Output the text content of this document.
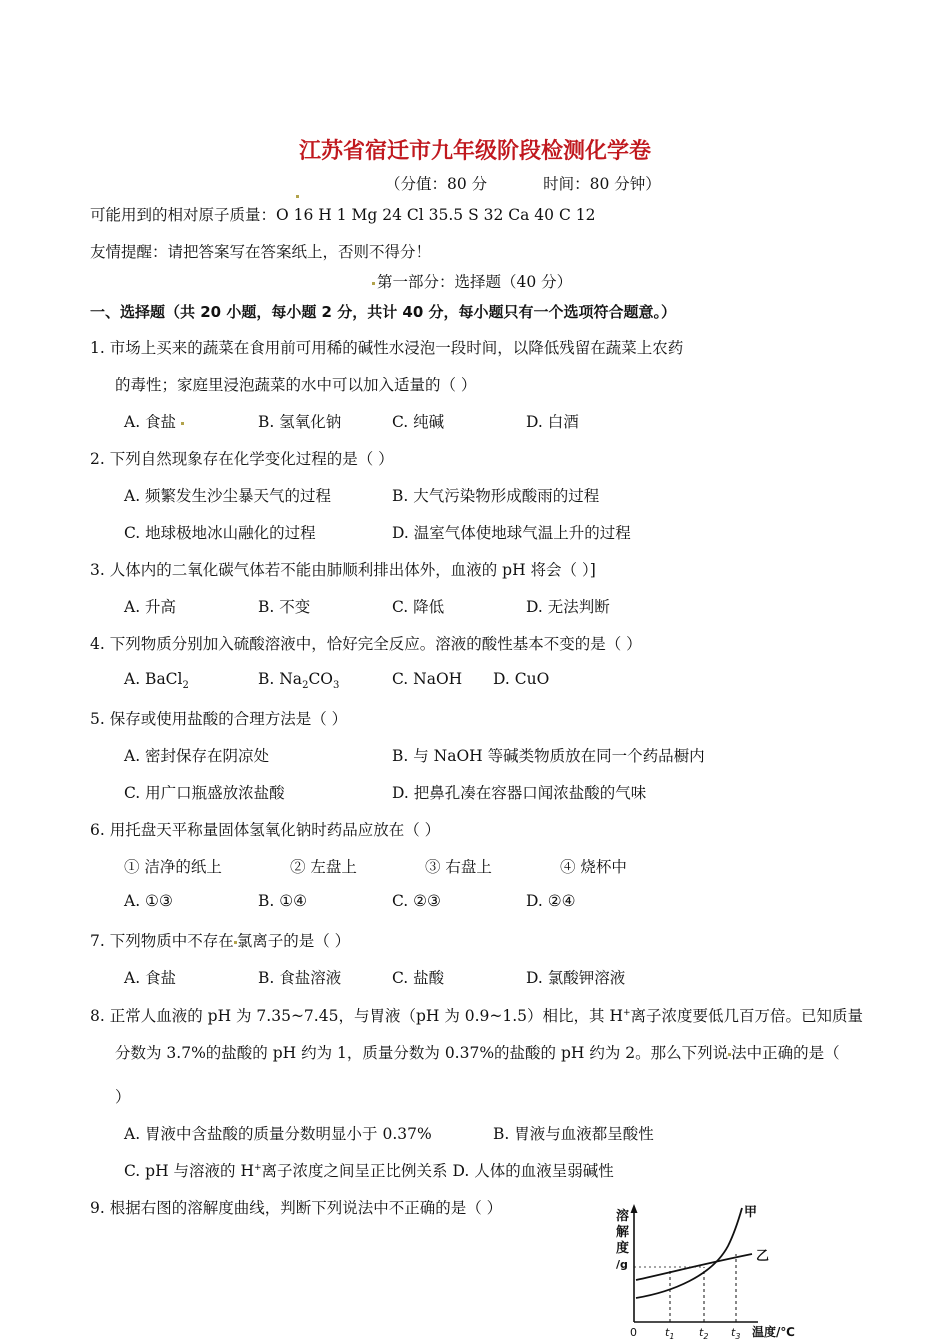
江苏省宿迁市九年级阶段检测化学卷
（分值：80 分	时间：80 分钟）
可能用到的相对原子质量：O 16 H 1 Mg 24 Cl 35.5 S 32 Ca 40 C 12
友情提醒：请把答案写在答案纸上，否则不得分！
第一部分：选择题（40 分）
一、选择题（共 20 小题，每小题 2 分，共计 40 分，每小题只有一个选项符合题意。）
1. 市场上买来的蔬菜在食用前可用稀的碱性水浸泡一段时间，以降低残留在蔬菜上农药
的毒性；家庭里浸泡蔬菜的水中可以加入适量的（ ）
A. 食盐	B. 氢氧化钠	C. 纯碱	D. 白酒
2. 下列自然现象存在化学变化过程的是（ ）
A. 频繁发生沙尘暴天气的过程	B. 大气污染物形成酸雨的过程
C. 地球极地冰山融化的过程	D. 温室气体使地球气温上升的过程
3. 人体内的二氧化碳气体若不能由肺顺利排出体外，血液的 pH 将会（ ）]
A. 升高	B. 不变	C. 降低	D. 无法判断
4. 下列物质分别加入硫酸溶液中，恰好完全反应。溶液的酸性基本不变的是（ ）
A. BaCl$_2$	B. $Na_2CO_3$	C. NaOH D. CuO
5. 保存或使用盐酸的合理方法是（ ）
A. 密封保存在阴凉处	B. 与 NaOH 等碱类物质放在同一个药品橱内
C. 用广口瓶盛放浓盐酸	D. 把鼻孔凑在容器口闻浓盐酸的气味
6. 用托盘天平称量固体氢氧化钠时药品应放在（ ）
① 洁净的纸上	② 左盘上	③ 右盘上	④ 烧杯中
A. ①③	B. ①④	C. ②③	D. ②④
7. 下列物质中不存在 氯离子的是（ ）
A. 食盐	B. 食盐溶液	C. 盐酸	D. 氯酸钾溶液
8. 正常人血液的 pH 为 7.35~7.45，与胃液（pH 为 0.9~1.5）相比，其 H+离子浓度要低几百万倍。已知质量
分数为 3.7%的盐酸的 pH 约为 1，质量分数为 0.37%的盐酸的 pH 约为 2。那么下列说 法中正确的是（
）
A. 胃液中含盐酸的质量分数明显小于 0.37%	B. 胃液与血液都呈酸性
C. pH 与溶液的 H+离子浓度之间呈正比例关系 D. 人体的血液呈弱碱性
9. 根据右图的溶解度曲线，判断下列说法中不正确的是（ ）	溶
解
度
/g
0	$t_1$ $t_2$ $t_3$ 温度/℃
甲
乙
